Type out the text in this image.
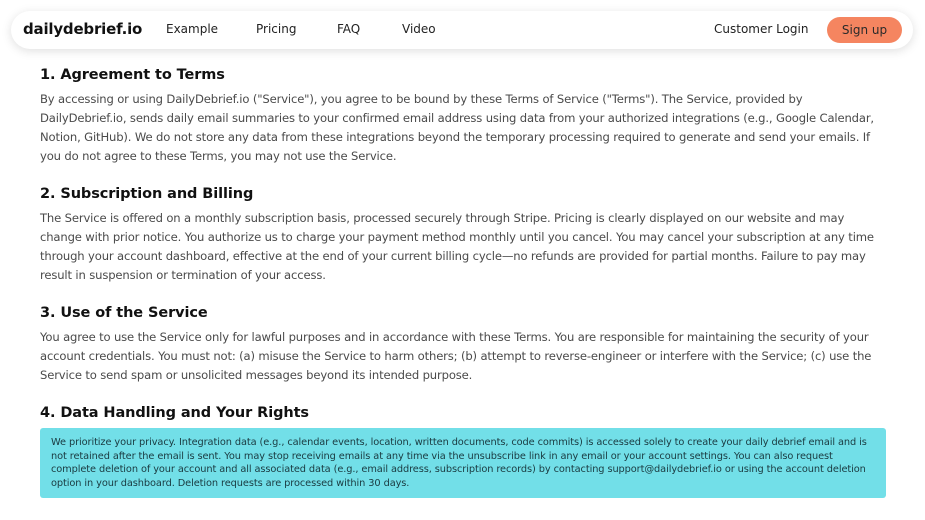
dailydebrief.io Example	Pricing	FAQ	Video	Customer Login	Sign up
1. Agreement to Terms

By accessing or using DailyDebrief.io ("Service"), you agree to be bound by these Terms of Service ("Terms"). The Service, provided by DailyDebrief.io, sends daily email summaries to your confirmed email address using data from your authorized integrations (e.g., Google Calendar, Notion, GitHub). We do not store any data from these integrations beyond the temporary processing required to generate and send your emails. If you do not agree to these Terms, you may not use the Service.

2. Subscription and Billing

The Service is offered on a monthly subscription basis, processed securely through Stripe. Pricing is clearly displayed on our website and may change with prior notice. You authorize us to charge your payment method monthly until you cancel. You may cancel your subscription at any time through your account dashboard, effective at the end of your current billing cycle—no refunds are provided for partial months. Failure to pay may result in suspension or termination of your access.

3. Use of the Service

You agree to use the Service only for lawful purposes and in accordance with these Terms. You are responsible for maintaining the security of your account credentials. You must not: (a) misuse the Service to harm others; (b) attempt to reverse-engineer or interfere with the Service; (c) use the Service to send spam or unsolicited messages beyond its intended purpose.

4. Data Handling and Your Rights
We prioritize your privacy. Integration data (e.g., calendar events, location, written documents, code commits) is accessed solely to create your daily debrief email and is not retained after the email is sent. You may stop receiving emails at any time via the unsubscribe link in any email or your account settings. You can also request complete deletion of your account and all associated data (e.g., email address, subscription records) by contacting support@dailydebrief.io or using the account deletion option in your dashboard. Deletion requests are processed within 30 days.
